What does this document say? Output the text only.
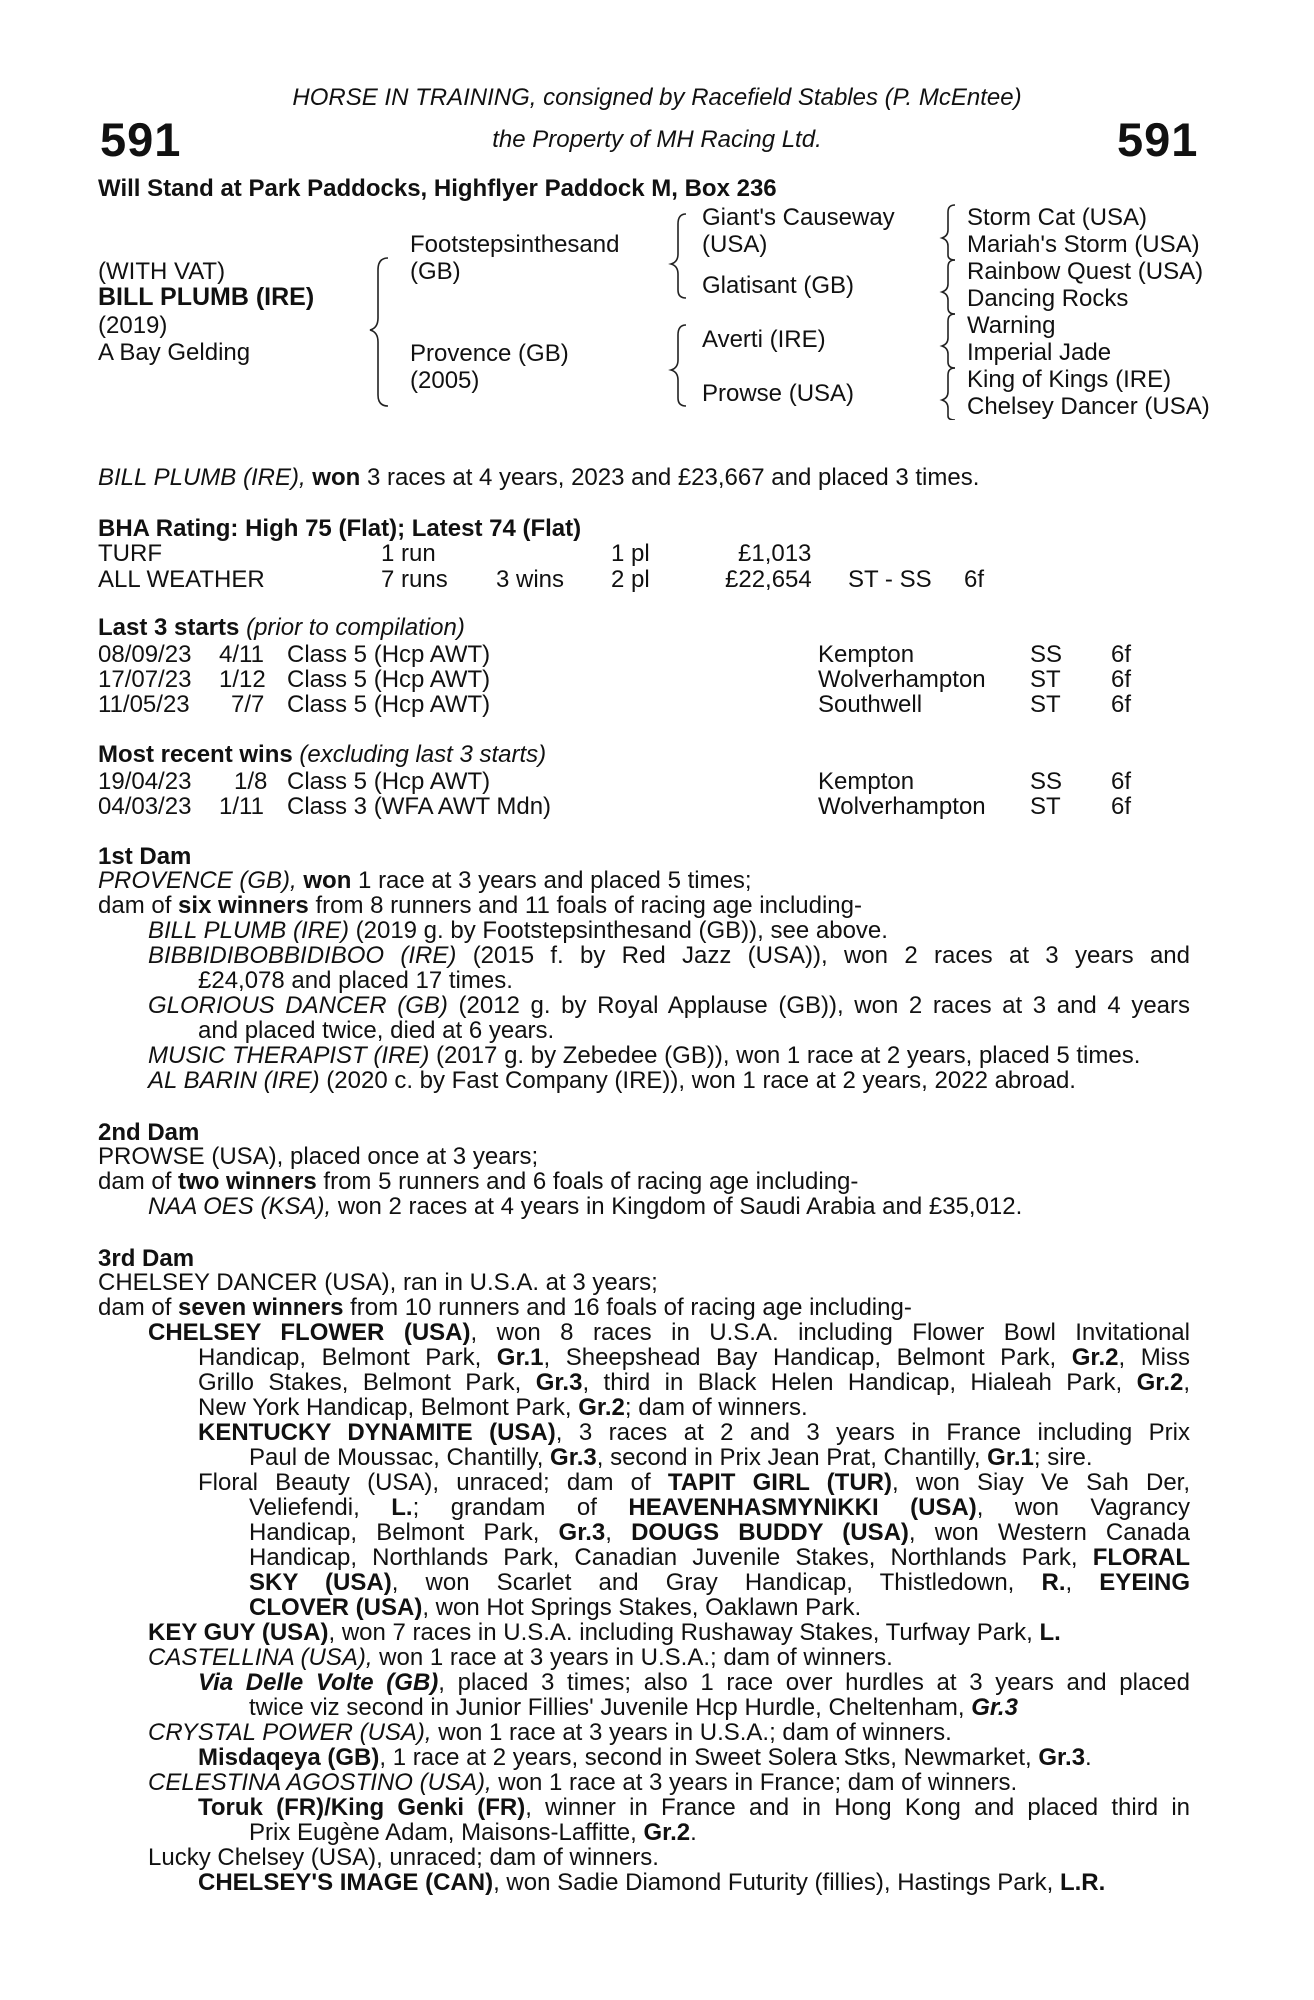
591	591
HORSE IN TRAINING, consigned by Racefield Stables (P. McEntee)
the Property of MH Racing Ltd.
Will Stand at Park Paddocks, Highflyer Paddock M, Box 236
(WITH VAT)
BILL PLUMB (IRE)
(2019)
A Bay Gelding
Footstepsinthesand
(GB)
Provence (GB)
(2005)
Giant's Causeway
(USA)
Glatisant (GB)
Averti (IRE)
Prowse (USA)
Storm Cat (USA)
Mariah's Storm (USA)
Rainbow Quest (USA)
Dancing Rocks
Warning
Imperial Jade
King of Kings (IRE)
Chelsey Dancer (USA)
BILL PLUMB (IRE), won 3 races at 4 years, 2023 and £23,667 and placed 3 times.
BHA Rating: High 75 (Flat); Latest 74 (Flat)
TURF	1 run	1 pl	£1,013
ALL WEATHER	7 runs 3 wins 2 pl	£22,654 ST - SS 6f
Last 3 starts (prior to compilation)
08/09/23 4/11 Class 5 (Hcp AWT)	Kempton	SS 6f
17/07/23 1/12 Class 5 (Hcp AWT)	Wolverhampton ST 6f
11/05/23 7/7 Class 5 (Hcp AWT)	Southwell	ST 6f
Most recent wins (excluding last 3 starts)
19/04/23 1/8 Class 5 (Hcp AWT)	Kempton	SS 6f
04/03/23 1/11 Class 3 (WFA AWT Mdn)	Wolverhampton ST 6f
1st Dam
PROVENCE (GB), won 1 race at 3 years and placed 5 times;
dam of six winners from 8 runners and 11 foals of racing age including-
BILL PLUMB (IRE) (2019 g. by Footstepsinthesand (GB)), see above.
BIBBIDIBOBBIDIBOO (IRE) (2015 f. by Red Jazz (USA)), won 2 races at 3 years and
£24,078 and placed 17 times.
GLORIOUS DANCER (GB) (2012 g. by Royal Applause (GB)), won 2 races at 3 and 4 years
and placed twice, died at 6 years.
MUSIC THERAPIST (IRE) (2017 g. by Zebedee (GB)), won 1 race at 2 years, placed 5 times.
AL BARIN (IRE) (2020 c. by Fast Company (IRE)), won 1 race at 2 years, 2022 abroad.
2nd Dam
PROWSE (USA), placed once at 3 years;
dam of two winners from 5 runners and 6 foals of racing age including-
NAA OES (KSA), won 2 races at 4 years in Kingdom of Saudi Arabia and £35,012.
3rd Dam
CHELSEY DANCER (USA), ran in U.S.A. at 3 years;
dam of seven winners from 10 runners and 16 foals of racing age including-
CHELSEY FLOWER (USA), won 8 races in U.S.A. including Flower Bowl Invitational
Handicap, Belmont Park, Gr.1, Sheepshead Bay Handicap, Belmont Park, Gr.2, Miss
Grillo Stakes, Belmont Park, Gr.3, third in Black Helen Handicap, Hialeah Park, Gr.2,
New York Handicap, Belmont Park, Gr.2; dam of winners.
KENTUCKY DYNAMITE (USA), 3 races at 2 and 3 years in France including Prix
Paul de Moussac, Chantilly, Gr.3, second in Prix Jean Prat, Chantilly, Gr.1; sire.
Floral Beauty (USA), unraced; dam of TAPIT GIRL (TUR), won Siay Ve Sah Der,
Veliefendi, L.; grandam of HEAVENHASMYNIKKI (USA), won Vagrancy
Handicap, Belmont Park, Gr.3, DOUGS BUDDY (USA), won Western Canada
Handicap, Northlands Park, Canadian Juvenile Stakes, Northlands Park, FLORAL
SKY (USA), won Scarlet and Gray Handicap, Thistledown, R., EYEING
CLOVER (USA), won Hot Springs Stakes, Oaklawn Park.
KEY GUY (USA), won 7 races in U.S.A. including Rushaway Stakes, Turfway Park, L.
CASTELLINA (USA), won 1 race at 3 years in U.S.A.; dam of winners.
Via Delle Volte (GB), placed 3 times; also 1 race over hurdles at 3 years and placed
twice viz second in Junior Fillies' Juvenile Hcp Hurdle, Cheltenham, Gr.3
CRYSTAL POWER (USA), won 1 race at 3 years in U.S.A.; dam of winners.
Misdaqeya (GB), 1 race at 2 years, second in Sweet Solera Stks, Newmarket, Gr.3.
CELESTINA AGOSTINO (USA), won 1 race at 3 years in France; dam of winners.
Toruk (FR)/King Genki (FR), winner in France and in Hong Kong and placed third in
Prix Eugène Adam, Maisons-Laffitte, Gr.2.
Lucky Chelsey (USA), unraced; dam of winners.
CHELSEY'S IMAGE (CAN), won Sadie Diamond Futurity (fillies), Hastings Park, L.R.
